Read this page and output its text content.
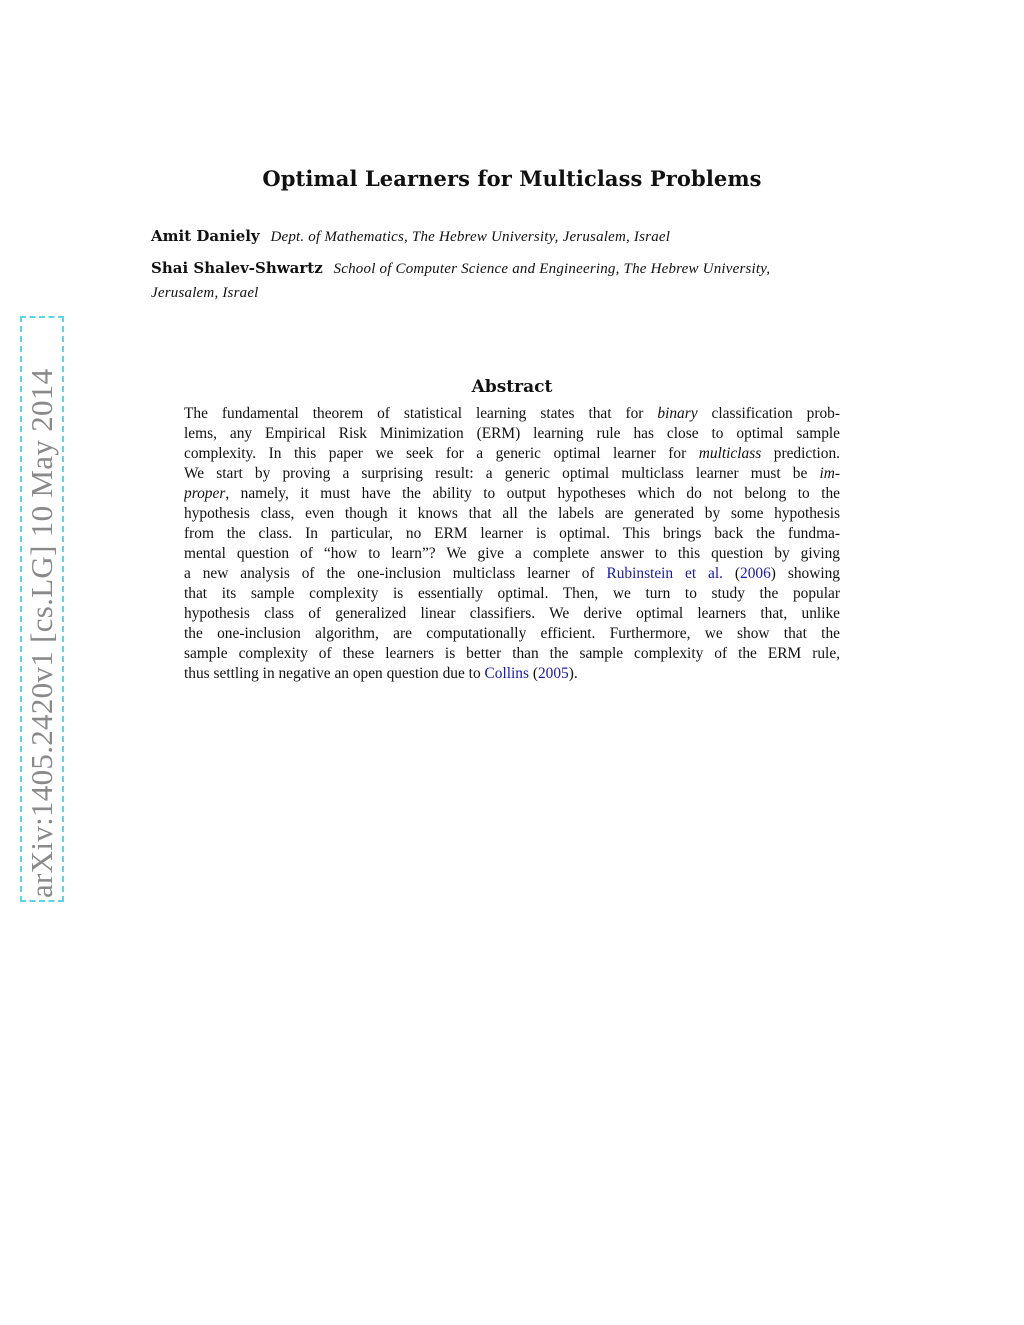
arXiv:1405.2420v1 [cs.LG] 10 May 2014
Optimal Learners for Multiclass Problems
Amit Daniely Dept. of Mathematics, The Hebrew University, Jerusalem, Israel
Shai Shalev-Shwartz School of Computer Science and Engineering, The Hebrew University,
Jerusalem, Israel
Abstract
The fundamental theorem of statistical learning states that for binary classification prob-
lems, any Empirical Risk Minimization (ERM) learning rule has close to optimal sample
complexity. In this paper we seek for a generic optimal learner for multiclass prediction.
We start by proving a surprising result: a generic optimal multiclass learner must be im-
proper, namely, it must have the ability to output hypotheses which do not belong to the
hypothesis class, even though it knows that all the labels are generated by some hypothesis
from the class. In particular, no ERM learner is optimal. This brings back the fundma-
mental question of “how to learn”? We give a complete answer to this question by giving
a new analysis of the one-inclusion multiclass learner of Rubinstein et al. (2006) showing
that its sample complexity is essentially optimal. Then, we turn to study the popular
hypothesis class of generalized linear classifiers. We derive optimal learners that, unlike
the one-inclusion algorithm, are computationally efficient. Furthermore, we show that the
sample complexity of these learners is better than the sample complexity of the ERM rule,
thus settling in negative an open question due to Collins (2005).
